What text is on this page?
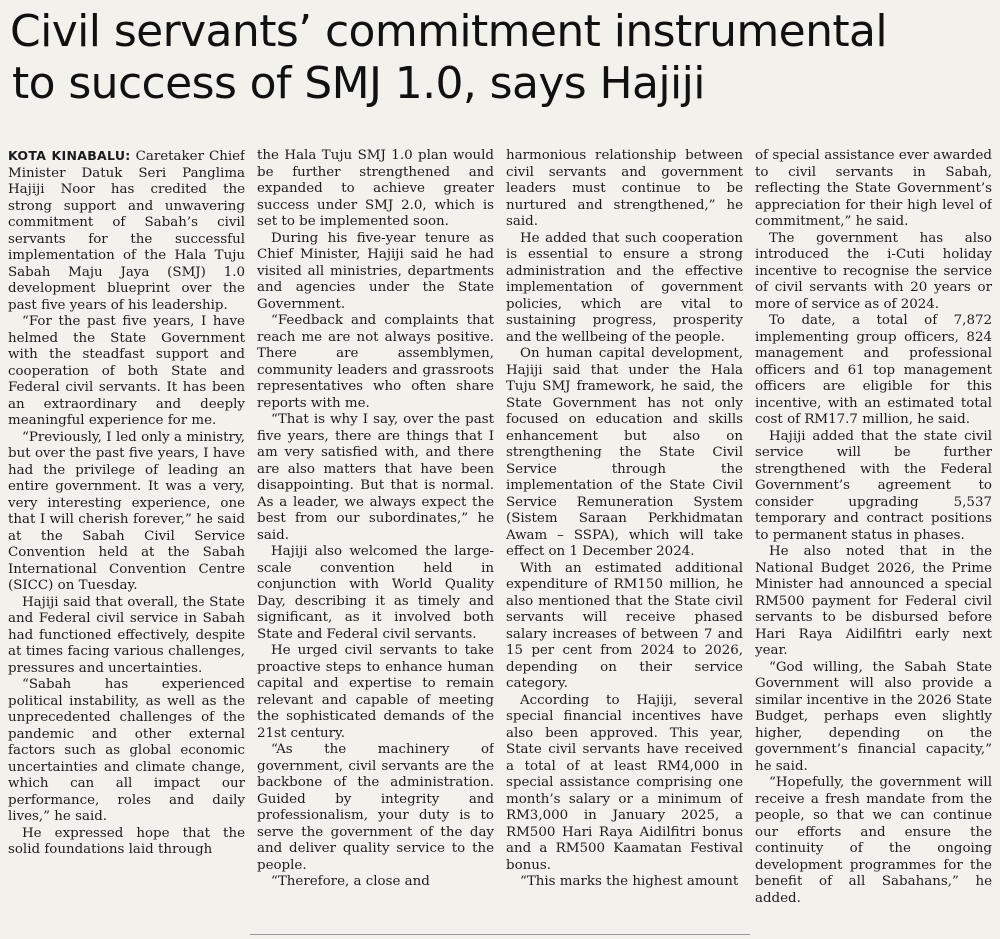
Civil servants’ commitment instrumental
to success of SMJ 1.0, says Hajiji

KOTA KINABALU: Caretaker Chief Minister Datuk Seri Panglima Hajiji Noor has credited the strong support and unwavering commitment of Sabah’s civil servants for the successful implementation of the Hala Tuju Sabah Maju Jaya (SMJ) 1.0 development blueprint over the past five years of his leadership.

“For the past five years, I have helmed the State Government with the steadfast support and cooperation of both State and Federal civil servants. It has been an extraordinary and deeply meaningful experience for me.

“Previously, I led only a ministry, but over the past five years, I have had the privilege of leading an entire government. It was a very, very interesting experience, one that I will cherish forever,” he said at the Sabah Civil Service Convention held at the Sabah International Convention Centre (SICC) on Tuesday.

Hajiji said that overall, the State and Federal civil service in Sabah had functioned effectively, despite at times facing various challenges, pressures and uncertainties.

“Sabah has experienced political instability, as well as the unprecedented challenges of the pandemic and other external factors such as global economic uncertainties and climate change, which can all impact our performance, roles and daily lives,” he said.

He expressed hope that the solid foundations laid through

the Hala Tuju SMJ 1.0 plan would be further strengthened and expanded to achieve greater success under SMJ 2.0, which is set to be implemented soon.

During his five-year tenure as Chief Minister, Hajiji said he had visited all ministries, departments and agencies under the State Government.

“Feedback and complaints that reach me are not always positive. There are assemblymen, community leaders and grassroots representatives who often share reports with me.

“That is why I say, over the past five years, there are things that I am very satisfied with, and there are also matters that have been disappointing. But that is normal. As a leader, we always expect the best from our subordinates,” he said.

Hajiji also welcomed the large-scale convention held in conjunction with World Quality Day, describing it as timely and significant, as it involved both State and Federal civil servants.

He urged civil servants to take proactive steps to enhance human capital and expertise to remain relevant and capable of meeting the sophisticated demands of the 21st century.

“As the machinery of government, civil servants are the backbone of the administration. Guided by integrity and professionalism, your duty is to serve the government of the day and deliver quality service to the people.

“Therefore, a close and

harmonious relationship between civil servants and government leaders must continue to be nurtured and strengthened,” he said.

He added that such cooperation is essential to ensure a strong administration and the effective implementation of government policies, which are vital to sustaining progress, prosperity and the wellbeing of the people.

On human capital development, Hajiji said that under the Hala Tuju SMJ framework, he said, the State Government has not only focused on education and skills enhancement but also on strengthening the State Civil Service through the implementation of the State Civil Service Remuneration System (Sistem Saraan Perkhidmatan Awam – SSPA), which will take effect on 1 December 2024.

With an estimated additional expenditure of RM150 million, he also mentioned that the State civil servants will receive phased salary increases of between 7 and 15 per cent from 2024 to 2026, depending on their service category.

According to Hajiji, several special financial incentives have also been approved. This year, State civil servants have received a total of at least RM4,000 in special assistance comprising one month’s salary or a minimum of RM3,000 in January 2025, a RM500 Hari Raya Aidilfitri bonus and a RM500 Kaamatan Festival bonus.

“This marks the highest amount

of special assistance ever awarded to civil servants in Sabah, reflecting the State Government’s appreciation for their high level of commitment,” he said.

The government has also introduced the i-Cuti holiday incentive to recognise the service of civil servants with 20 years or more of service as of 2024.

To date, a total of 7,872 implementing group officers, 824 management and professional officers and 61 top management officers are eligible for this incentive, with an estimated total cost of RM17.7 million, he said.

Hajiji added that the state civil service will be further strengthened with the Federal Government’s agreement to consider upgrading 5,537 temporary and contract positions to permanent status in phases.

He also noted that in the National Budget 2026, the Prime Minister had announced a special RM500 payment for Federal civil servants to be disbursed before Hari Raya Aidilfitri early next year.

“God willing, the Sabah State Government will also provide a similar incentive in the 2026 State Budget, perhaps even slightly higher, depending on the government’s financial capacity,” he said.

“Hopefully, the government will receive a fresh mandate from the people, so that we can continue our efforts and ensure the continuity of the ongoing development programmes for the benefit of all Sabahans,” he added.
